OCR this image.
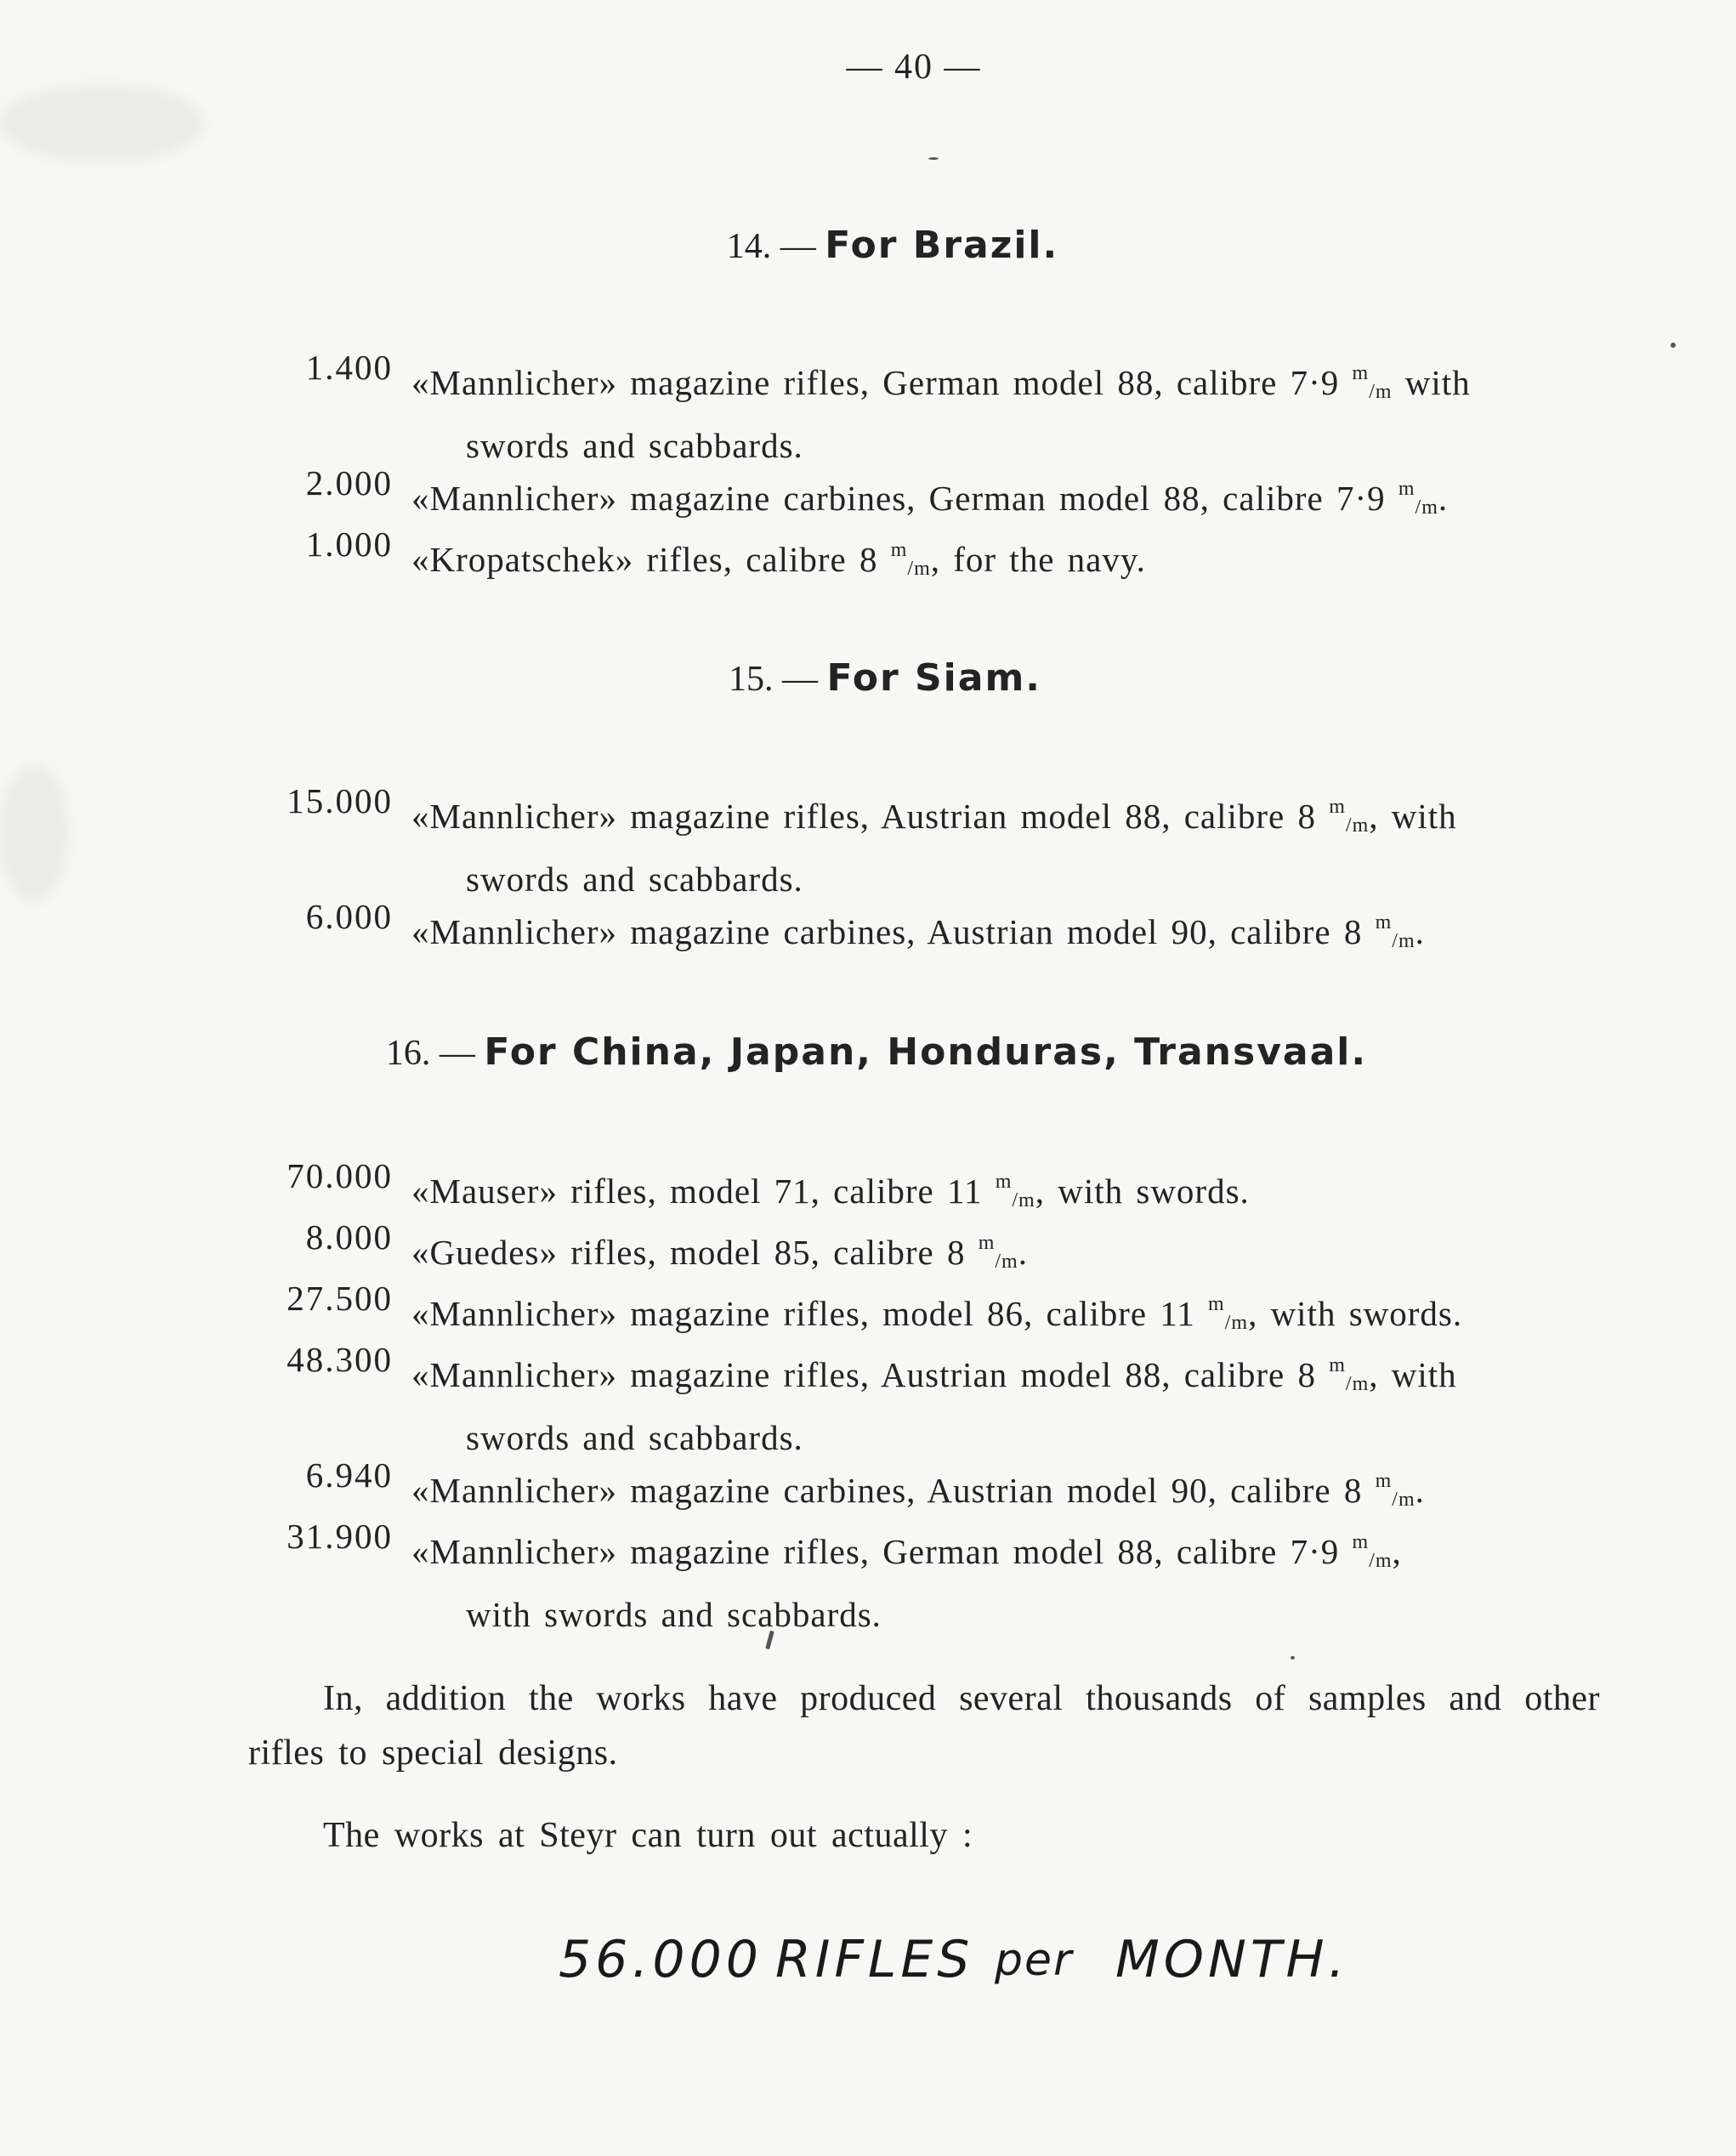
— 40 —
14. — For Brazil.
1.400 «Mannlicher» magazine rifles, German model 88, calibre 7·9 $^m$/m with
swords and scabbards.
2.000 «Mannlicher» magazine carbines, German model 88, calibre 7·9 $^m$/m.
1.000 «Kropatschek» rifles, calibre 8 $^m$/m, for the navy.
15. — For Siam.
15.000 «Mannlicher» magazine rifles, Austrian model 88, calibre 8 $^m$/m, with
swords and scabbards.
6.000 «Mannlicher» magazine carbines, Austrian model 90, calibre 8 $^m$/m.
16. — For China, Japan, Honduras, Transvaal.
70.000 «Mauser» rifles, model 71, calibre 11 $^m$/m, with swords.
8.000 «Guedes» rifles, model 85, calibre 8 $^m$/m.
27.500 «Mannlicher» magazine rifles, model 86, calibre 11 $^m$/m, with swords.
48.300 «Mannlicher» magazine rifles, Austrian model 88, calibre 8 $^m$/m, with
swords and scabbards.
6.940 «Mannlicher» magazine carbines, Austrian model 90, calibre 8 $^m$/m.
31.900 «Mannlicher» magazine rifles, German model 88, calibre 7·9 $^m$/m,
with swords and scabbards.
In, addition the works have produced several thousands of samples and other
rifles to special designs.
The works at Steyr can turn out actually :
56.000 RIFLES per MONTH.
